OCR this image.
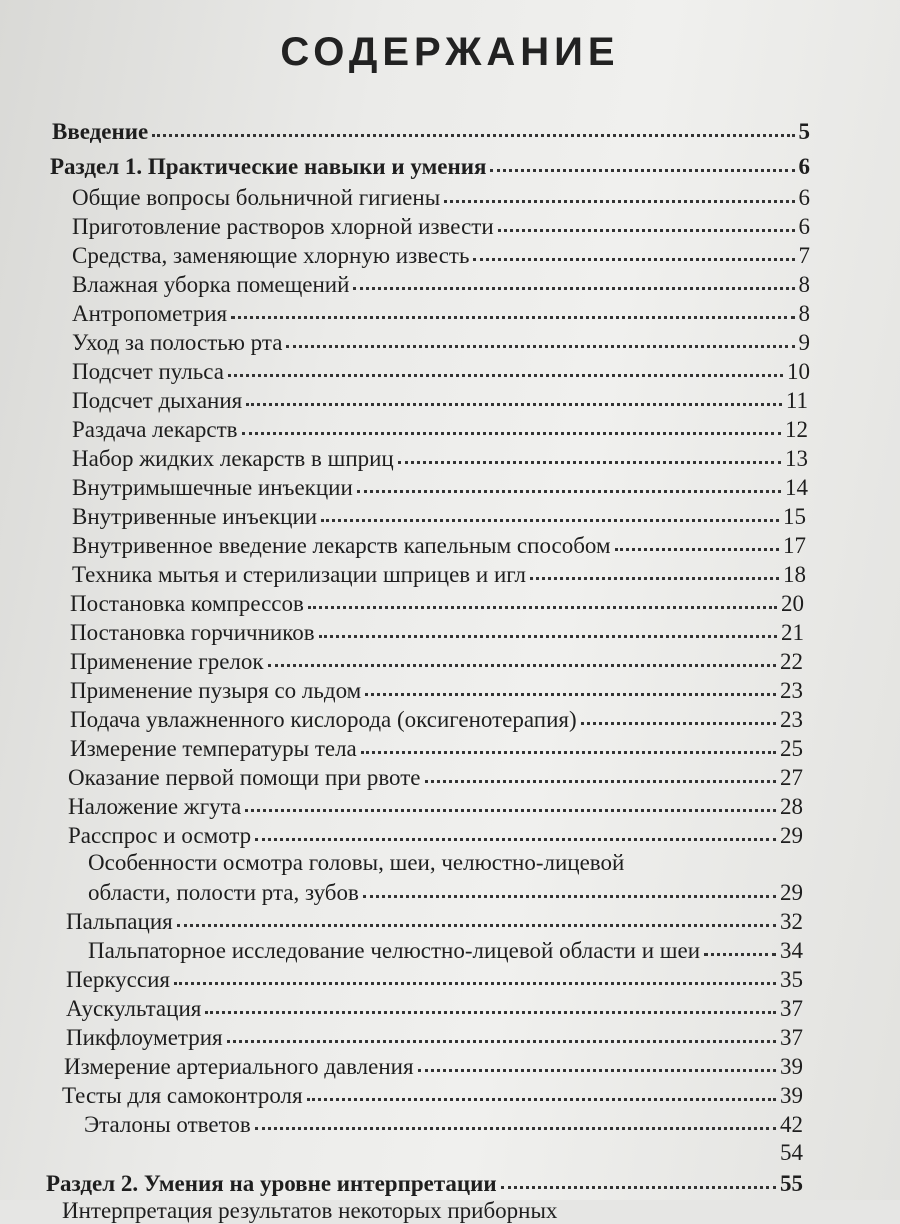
СОДЕРЖАНИЕ
Введение	5
Раздел 1. Практические навыки и умения	6
Общие вопросы больничной гигиены	6
Приготовление растворов хлорной извести	6
Средства, заменяющие хлорную известь	7
Влажная уборка помещений	8
Антропометрия	8
Уход за полостью рта	9
Подсчет пульса	10
Подсчет дыхания	11
Раздача лекарств	12
Набор жидких лекарств в шприц	13
Внутримышечные инъекции	14
Внутривенные инъекции	15
Внутривенное введение лекарств капельным способом	17
Техника мытья и стерилизации шприцев и игл	18
Постановка компрессов	20
Постановка горчичников	21
Применение грелок	22
Применение пузыря со льдом	23
Подача увлажненного кислорода (оксигенотерапия)	23
Измерение температуры тела	25
Оказание первой помощи при рвоте	27
Наложение жгута	28
Расспрос и осмотр	29
Особенности осмотра головы, шеи, челюстно-лицевой
области, полости рта, зубов	29
Пальпация	32
Пальпаторное исследование челюстно-лицевой области и шеи	34
Перкуссия	35
Аускультация	37
Пикфлоуметрия	37
Измерение артериального давления	39
Тесты для самоконтроля	39
Эталоны ответов	42
54
Раздел 2. Умения на уровне интерпретации	55
Интерпретация результатов некоторых приборных
